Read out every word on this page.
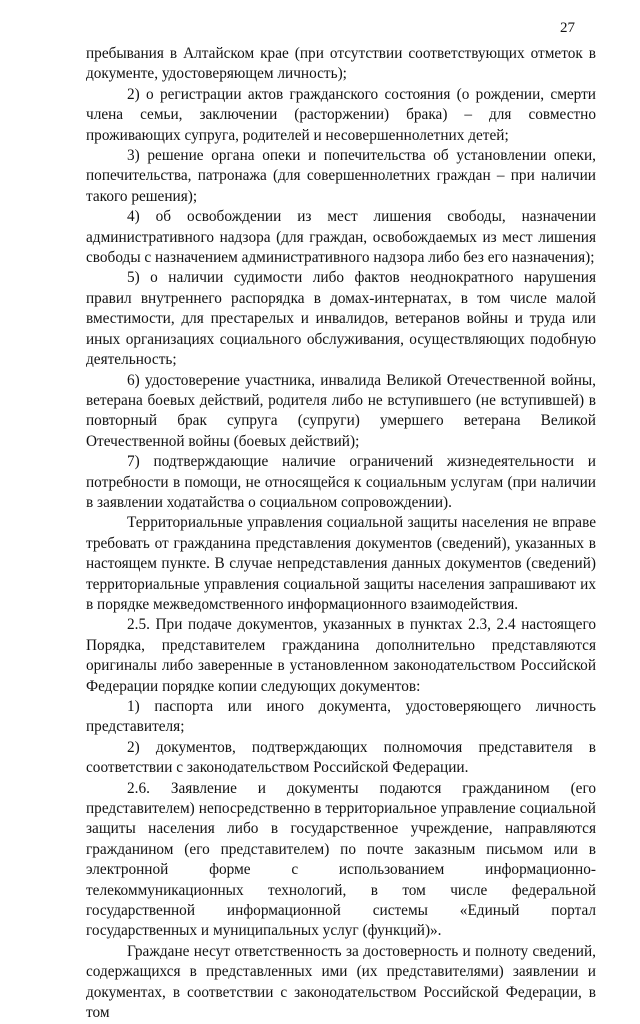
27

пребывания в Алтайском крае (при отсутствии соответствующих отметок в документе, удостоверяющем личность);

2) о регистрации актов гражданского состояния (о рождении, смерти члена семьи, заключении (расторжении) брака) – для совместно проживающих супруга, родителей и несовершеннолетних детей;

3) решение органа опеки и попечительства об установлении опеки, попечительства, патронажа (для совершеннолетних граждан – при наличии такого решения);

4) об освобождении из мест лишения свободы, назначении административного надзора (для граждан, освобождаемых из мест лишения свободы с назначением административного надзора либо без его назначения);

5) о наличии судимости либо фактов неоднократного нарушения правил внутреннего распорядка в домах-интернатах, в том числе малой вместимости, для престарелых и инвалидов, ветеранов войны и труда или иных организациях социального обслуживания, осуществляющих подобную деятельность;

6) удостоверение участника, инвалида Великой Отечественной войны, ветерана боевых действий, родителя либо не вступившего (не вступившей) в повторный брак супруга (супруги) умершего ветерана Великой Отечественной войны (боевых действий);

7) подтверждающие наличие ограничений жизнедеятельности и потребности в помощи, не относящейся к социальным услугам (при наличии в заявлении ходатайства о социальном сопровождении).

Территориальные управления социальной защиты населения не вправе требовать от гражданина представления документов (сведений), указанных в настоящем пункте. В случае непредставления данных документов (сведений) территориальные управления социальной защиты населения запрашивают их в порядке межведомственного информационного взаимодействия.

2.5. При подаче документов, указанных в пунктах 2.3, 2.4 настоящего Порядка, представителем гражданина дополнительно представляются оригиналы либо заверенные в установленном законодательством Российской Федерации порядке копии следующих документов:

1) паспорта или иного документа, удостоверяющего личность представителя;

2) документов, подтверждающих полномочия представителя в соответствии с законодательством Российской Федерации.

2.6. Заявление и документы подаются гражданином (его представителем) непосредственно в территориальное управление социальной защиты населения либо в государственное учреждение, направляются гражданином (его представителем) по почте заказным письмом или в электронной форме с использованием информационно-телекоммуникационных технологий, в том числе федеральной государственной информационной системы «Единый портал государственных и муниципальных услуг (функций)».

Граждане несут ответственность за достоверность и полноту сведений, содержащихся в представленных ими (их представителями) заявлении и документах, в соответствии с законодательством Российской Федерации, в том
